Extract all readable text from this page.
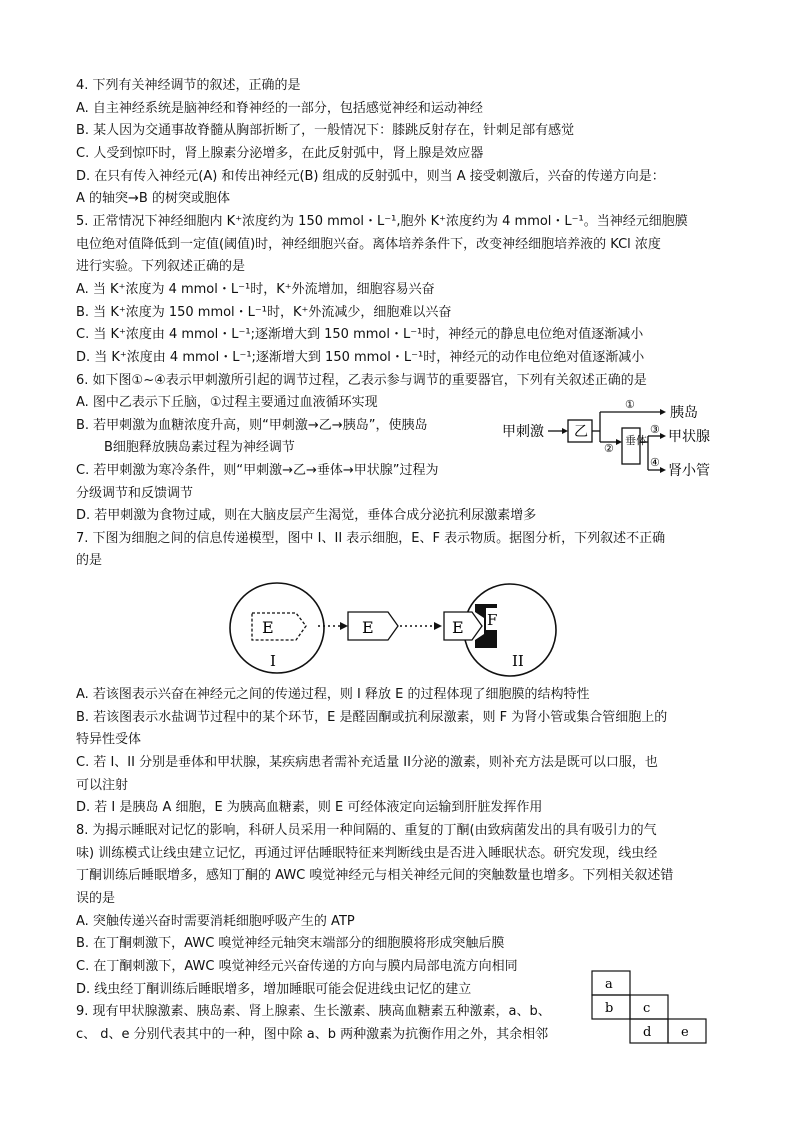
4. 下列有关神经调节的叙述，正确的是
A. 自主神经系统是脑神经和脊神经的一部分，包括感觉神经和运动神经
B. 某人因为交通事故脊髓从胸部折断了，一般情况下：膝跳反射存在，针刺足部有感觉
C. 人受到惊吓时，肾上腺素分泌增多，在此反射弧中，肾上腺是效应器
D. 在只有传入神经元(A) 和传出神经元(B) 组成的反射弧中，则当 A 接受刺激后，兴奋的传递方向是：
A 的轴突→B 的树突或胞体
5. 正常情况下神经细胞内 K⁺浓度约为 150 mmol・L⁻¹,胞外 K⁺浓度约为 4 mmol・L⁻¹。当神经元细胞膜
电位绝对值降低到一定值(阈值)时，神经细胞兴奋。离体培养条件下，改变神经细胞培养液的 KCl 浓度
进行实验。下列叙述正确的是
A. 当 K⁺浓度为 4 mmol・L⁻¹时，K⁺外流增加，细胞容易兴奋
B. 当 K⁺浓度为 150 mmol・L⁻¹时，K⁺外流减少，细胞难以兴奋
C. 当 K⁺浓度由 4 mmol・L⁻¹;逐渐增大到 150 mmol・L⁻¹时，神经元的静息电位绝对值逐渐减小
D. 当 K⁺浓度由 4 mmol・L⁻¹;逐渐增大到 150 mmol・L⁻¹时，神经元的动作电位绝对值逐渐减小
6. 如下图①~④表示甲刺激所引起的调节过程，乙表示参与调节的重要器官，下列有关叙述正确的是
A. 图中乙表示下丘脑，①过程主要通过血液循环实现
B. 若甲刺激为血糖浓度升高，则“甲刺激→乙→胰岛”，使胰岛
B细胞释放胰岛素过程为神经调节
C. 若甲刺激为寒冷条件，则“甲刺激→乙→垂体→甲状腺”过程为
分级调节和反馈调节
D. 若甲刺激为食物过咸，则在大脑皮层产生渴觉，垂体合成分泌抗利尿激素增多
甲刺激 乙
①
胰岛
②
垂体
③ 甲状腺
④
肾小管
7. 下图为细胞之间的信息传递模型，图中 I、II 表示细胞，E、F 表示物质。据图分析，下列叙述不正确
的是
E
I
E	E F
II
A. 若该图表示兴奋在神经元之间的传递过程，则 I 释放 E 的过程体现了细胞膜的结构特性
B. 若该图表示水盐调节过程中的某个环节，E 是醛固酮或抗利尿激素，则 F 为肾小管或集合管细胞上的
特异性受体
C. 若 I、II 分别是垂体和甲状腺，某疾病患者需补充适量 II分泌的激素，则补充方法是既可以口服，也
可以注射
D. 若 I 是胰岛 A 细胞，E 为胰高血糖素，则 E 可经体液定向运输到肝脏发挥作用
8. 为揭示睡眠对记忆的影响，科研人员采用一种间隔的、重复的丁酮(由致病菌发出的具有吸引力的气
味) 训练模式让线虫建立记忆，再通过评估睡眠特征来判断线虫是否进入睡眠状态。研究发现，线虫经
丁酮训练后睡眠增多，感知丁酮的 AWC 嗅觉神经元与相关神经元间的突触数量也增多。下列相关叙述错
误的是
A. 突触传递兴奋时需要消耗细胞呼吸产生的 ATP
B. 在丁酮刺激下，AWC 嗅觉神经元轴突末端部分的细胞膜将形成突触后膜
C. 在丁酮刺激下，AWC 嗅觉神经元兴奋传递的方向与膜内局部电流方向相同
D. 线虫经丁酮训练后睡眠增多，增加睡眠可能会促进线虫记忆的建立
9. 现有甲状腺激素、胰岛素、肾上腺素、生长激素、胰高血糖素五种激素，a、b、
c、 d、e 分别代表其中的一种，图中除 a、b 两种激素为抗衡作用之外，其余相邻
a
b c
d e
